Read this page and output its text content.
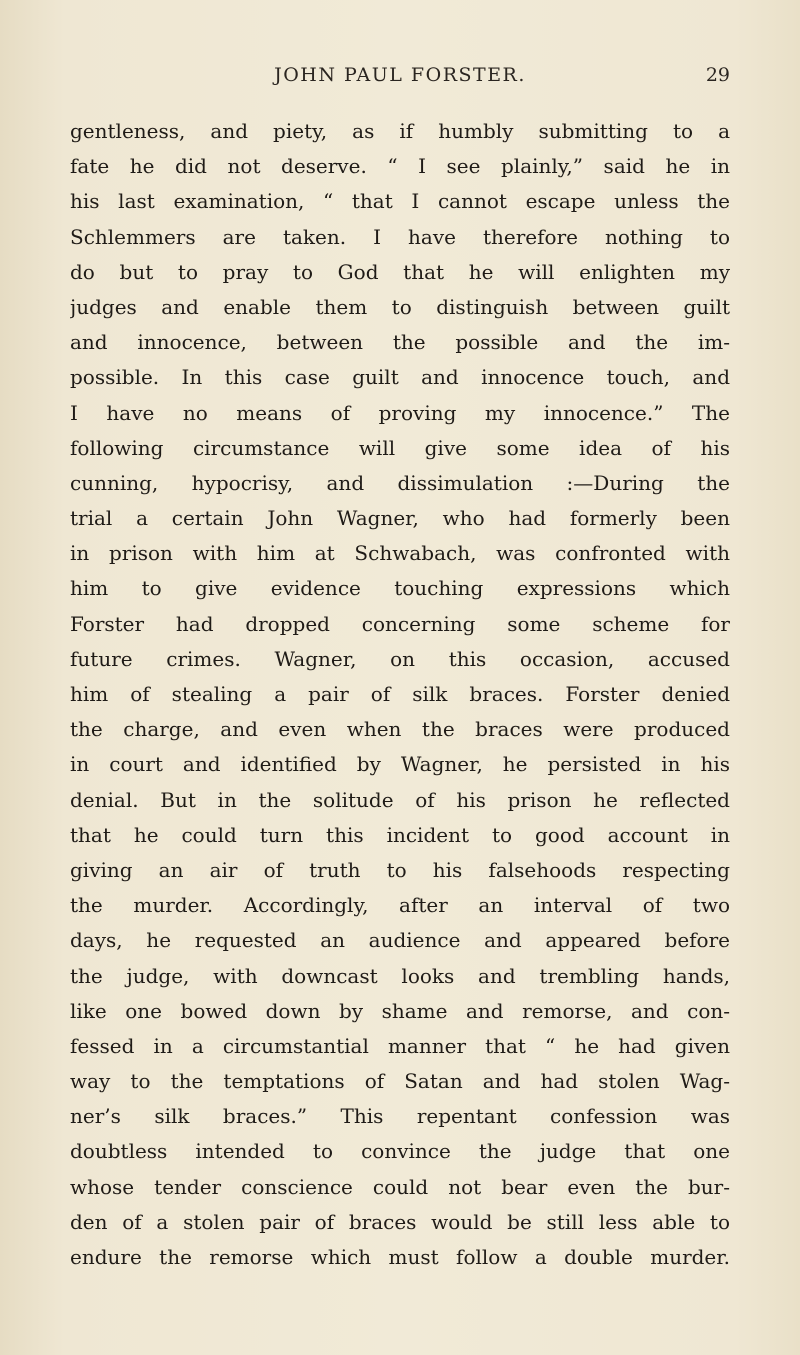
JOHN PAUL FORSTER.	29
gentleness, and piety, as if humbly submitting to a
fate he did not deserve. “ I see plainly,” said he in
his last examination, “ that I cannot escape unless the
Schlemmers are taken. I have therefore nothing to
do but to pray to God that he will enlighten my
judges and enable them to distinguish between guilt
and innocence, between the possible and the im-
possible. In this case guilt and innocence touch, and
I have no means of proving my innocence.” The
following circumstance will give some idea of his
cunning, hypocrisy, and dissimulation :—During the
trial a certain John Wagner, who had formerly been
in prison with him at Schwabach, was confronted with
him to give evidence touching expressions which
Forster had dropped concerning some scheme for
future crimes. Wagner, on this occasion, accused
him of stealing a pair of silk braces. Forster denied
the charge, and even when the braces were produced
in court and identified by Wagner, he persisted in his
denial. But in the solitude of his prison he reflected
that he could turn this incident to good account in
giving an air of truth to his falsehoods respecting
the murder. Accordingly, after an interval of two
days, he requested an audience and appeared before
the judge, with downcast looks and trembling hands,
like one bowed down by shame and remorse, and con-
fessed in a circumstantial manner that “ he had given
way to the temptations of Satan and had stolen Wag-
ner’s silk braces.” This repentant confession was
doubtless intended to convince the judge that one
whose tender conscience could not bear even the bur-
den of a stolen pair of braces would be still less able to
endure the remorse which must follow a double murder.
